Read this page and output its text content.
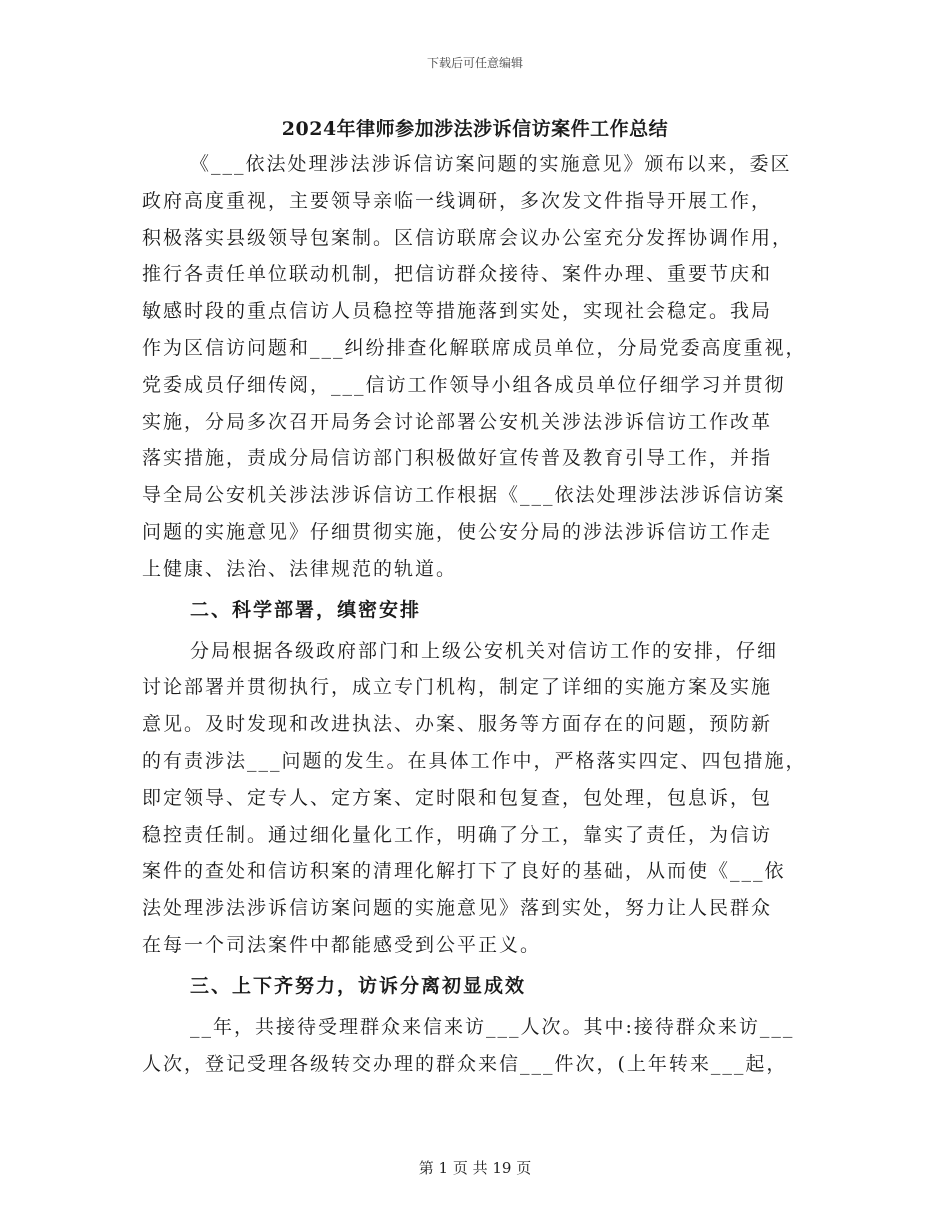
下载后可任意编辑
2024年律师参加涉法涉诉信访案件工作总结
《___依法处理涉法涉诉信访案问题的实施意见》颁布以来，委区
政府高度重视，主要领导亲临一线调研，多次发文件指导开展工作，
积极落实县级领导包案制。区信访联席会议办公室充分发挥协调作用，
推行各责任单位联动机制，把信访群众接待、案件办理、重要节庆和
敏感时段的重点信访人员稳控等措施落到实处，实现社会稳定。我局
作为区信访问题和___纠纷排查化解联席成员单位，分局党委高度重视，
党委成员仔细传阅，___信访工作领导小组各成员单位仔细学习并贯彻
实施，分局多次召开局务会讨论部署公安机关涉法涉诉信访工作改革
落实措施，责成分局信访部门积极做好宣传普及教育引导工作，并指
导全局公安机关涉法涉诉信访工作根据《___依法处理涉法涉诉信访案
问题的实施意见》仔细贯彻实施，使公安分局的涉法涉诉信访工作走
上健康、法治、法律规范的轨道。
二、科学部署，缜密安排
分局根据各级政府部门和上级公安机关对信访工作的安排，仔细
讨论部署并贯彻执行，成立专门机构，制定了详细的实施方案及实施
意见。及时发现和改进执法、办案、服务等方面存在的问题，预防新
的有责涉法___问题的发生。在具体工作中，严格落实四定、四包措施，
即定领导、定专人、定方案、定时限和包复查，包处理，包息诉，包
稳控责任制。通过细化量化工作，明确了分工，靠实了责任，为信访
案件的查处和信访积案的清理化解打下了良好的基础，从而使《___依
法处理涉法涉诉信访案问题的实施意见》落到实处，努力让人民群众
在每一个司法案件中都能感受到公平正义。
三、上下齐努力，访诉分离初显成效
__年，共接待受理群众来信来访___人次。其中:接待群众来访___
人次，登记受理各级转交办理的群众来信___件次，(上年转来___起，
第 1 页 共 19 页
